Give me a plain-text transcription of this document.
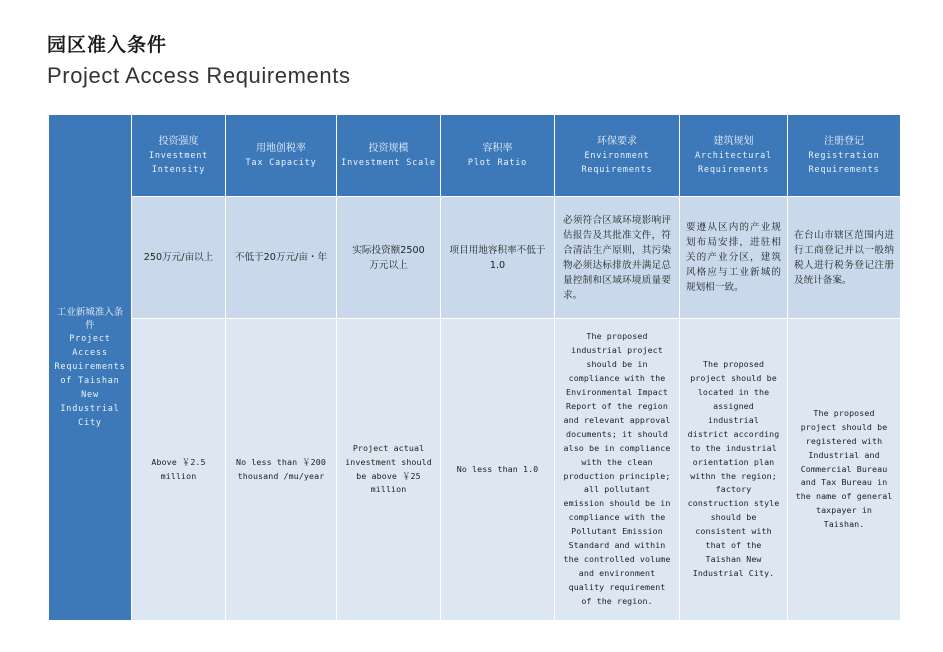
园区准入条件
Project Access Requirements
工业新城准入条件
Project
Access
Requirements
of Taishan
New
Industrial
City
投资强度
Investment
Intensity
用地创税率
Tax Capacity
投资规模
Investment Scale
容积率
Plot Ratio
环保要求
Environment
Requirements
建筑规划
Architectural
Requirements
注册登记
Registration
Requirements
250万元/亩以上 不低于20万元/亩・年
实际投资额2500万元以上
项目用地容积率不低于1.0
必须符合区域环境影响评估报告及其批准文件，符合清洁生产原则，其污染物必须达标排放并满足总量控制和区域环境质量要求。
要遵从区内的产业规划布局安排，进驻相关的产业分区，建筑风格应与工业新城的规划相一致。
在台山市辖区范围内进行工商登记并以一般纳税人进行税务登记注册及统计备案。
Above ￥2.5
million
No less than ￥200
thousand /mu/year
Project actual
investment should
be above ￥25
million
No less than 1.0
The proposed
industrial project
should be in
compliance with the
Environmental Impact
Report of the region
and relevant approval
documents; it should
also be in compliance
with the clean
production principle;
all pollutant
emission should be in
compliance with the
Pollutant Emission
Standard and within
the controlled volume
and environment
quality requirement
of the region.
The proposed
project should be
located in the
assigned
industrial
district according
to the industrial
orientation plan
withn the region;
factory
construction style
should be
consistent with
that of the
Taishan New
Industrial City.
The proposed
project should be
registered with
Industrial and
Commercial Bureau
and Tax Bureau in
the name of general
taxpayer in
Taishan.
